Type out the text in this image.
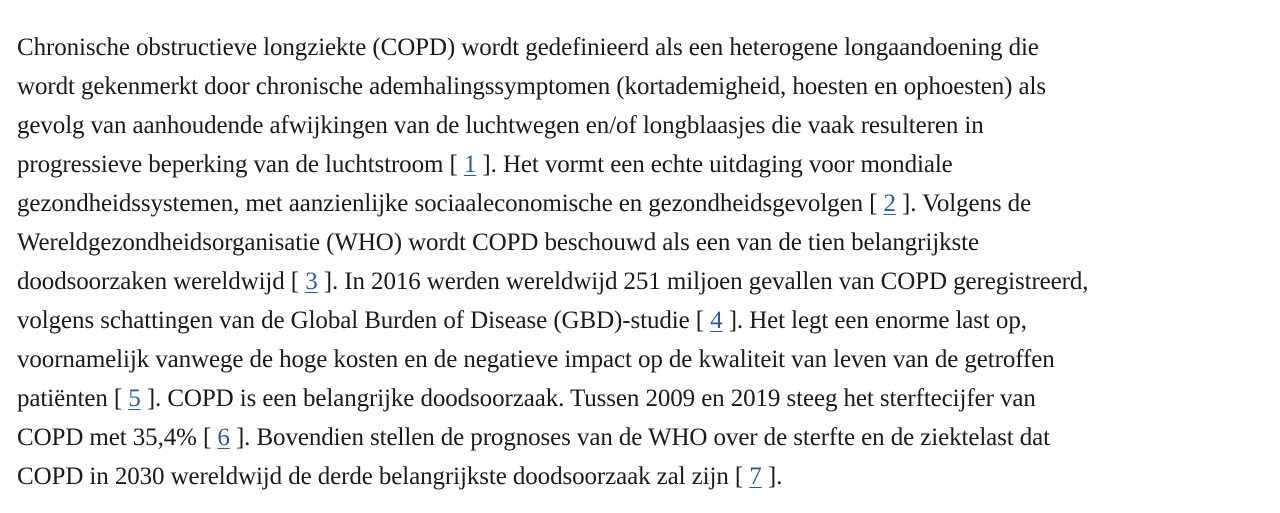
Chronische obstructieve longziekte (COPD) wordt gedefinieerd als een heterogene longaandoening die
wordt gekenmerkt door chronische ademhalingssymptomen (kortademigheid, hoesten en ophoesten) als
gevolg van aanhoudende afwijkingen van de luchtwegen en/of longblaasjes die vaak resulteren in
progressieve beperking van de luchtstroom [ 1 ]. Het vormt een echte uitdaging voor mondiale
gezondheidssystemen, met aanzienlijke sociaaleconomische en gezondheidsgevolgen [ 2 ]. Volgens de
Wereldgezondheidsorganisatie (WHO) wordt COPD beschouwd als een van de tien belangrijkste
doodsoorzaken wereldwijd [ 3 ]. In 2016 werden wereldwijd 251 miljoen gevallen van COPD geregistreerd,
volgens schattingen van de Global Burden of Disease (GBD)-studie [ 4 ]. Het legt een enorme last op,
voornamelijk vanwege de hoge kosten en de negatieve impact op de kwaliteit van leven van de getroffen
patiënten [ 5 ]. COPD is een belangrijke doodsoorzaak. Tussen 2009 en 2019 steeg het sterftecijfer van
COPD met 35,4% [ 6 ]. Bovendien stellen de prognoses van de WHO over de sterfte en de ziektelast dat
COPD in 2030 wereldwijd de derde belangrijkste doodsoorzaak zal zijn [ 7 ].
